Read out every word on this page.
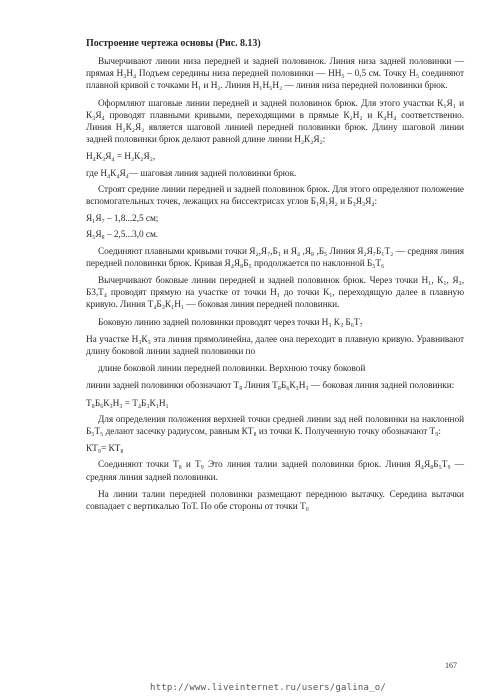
Построение чертежа основы (Рис. 8.13)

Вычерчивают линии низа передней и задней половинок. Линия низа задней половинки — прямая Н₃Н₄ Подъем середины низа передней половинки — НН₅ – 0,5 см. Точку Н₅ соединяют плавной кривой с точками Н₁ и Н₂. Линия Н₁Н₅Н₂ — линия низа передней половинки брюк.

Оформляют шаговые линии передней и задней половинок брюк. Для этого участки К₁Я₁ и К₃Я₄ проводят плавными кривыми, переходящими в прямые К₂Н₂ и К₄Н₄ соответственно. Линия Н₂К₂Я₂ является шаговой линией передней половинки брюк. Длину шаговой линии задней половинки брюк делают равной длине линии Н₂К₂Я₂:

Н₄К₃Я₄ = Н₂К₂Я₂,

где Н₄К₄Я₄— шаговая линия задней половинки брюк.

Строят средние линии передней и задней половинок брюк. Для этого определяют положение вспомогательных точек, лежащих на биссектрисах углов Б₁Я₁Я₂ и Б₃Я₃Я₄:

Я₁Я₇ – 1,8...2,5 см;

Я₅Я₈ – 2,5...3,0 см.

Соединяют плавными кривыми точки Я₂,Я₇,Б₁ и Я₄ ,Я₈ ,Б₅ Линия Я₂Я₇Б₁Т₂ — средняя линия передней половинки брюк. Кривая Я₄Я₈Б₅ продолжается по наклонной Б₅Т₆

Вычерчивают боковые линии передней и задней половинок брюк. Через точки Н₁, К₁, Я₃, Б3,Т₄ проводят прямую на участке от точки Н₁ до точки К₁, переходящую далее в плавную кривую. Линия Т₄Б₃К₁Н₁ — боковая линия передней половинки.

Боковую линию задней половинки проводят через точки Н₃ К₃ Б₆Т₇

На участке Н₃К₃ эта линия прямолинейна, далее она переходит в плавную кривую. Уравнивают длину боковой линии задней половинки по

длине боковой линии передней половинки. Верхнюю точку боковой

линии задней половинки обозначают Т₈ Линия Т₈Б₆К₃Н₃ — боковая линия задней половинки:

Т₈Б₆К₃Н₃ = Т₄Б₃К₁Н₁

Для определения положения верхней точки средней линии зад ней половинки на наклонной Б₅Т₅ делают засечку радиусом, равным КТ₈ из точки К. Полученную точку обозначают Т₉:

КТ₉= КТ₈

Соединяют точки Т₈ и Т₉ Это линия талии задней половинки брюк. Линия Я₄Я₈Б₅Т₉ — средняя линия задней половинки.

На линии талии передней половинки размещают переднюю вытачку. Середина вытачки совпадает с вертикалью ТоТ. По обе стороны от точки Т₀

167
http://www.liveinternet.ru/users/galina_o/
